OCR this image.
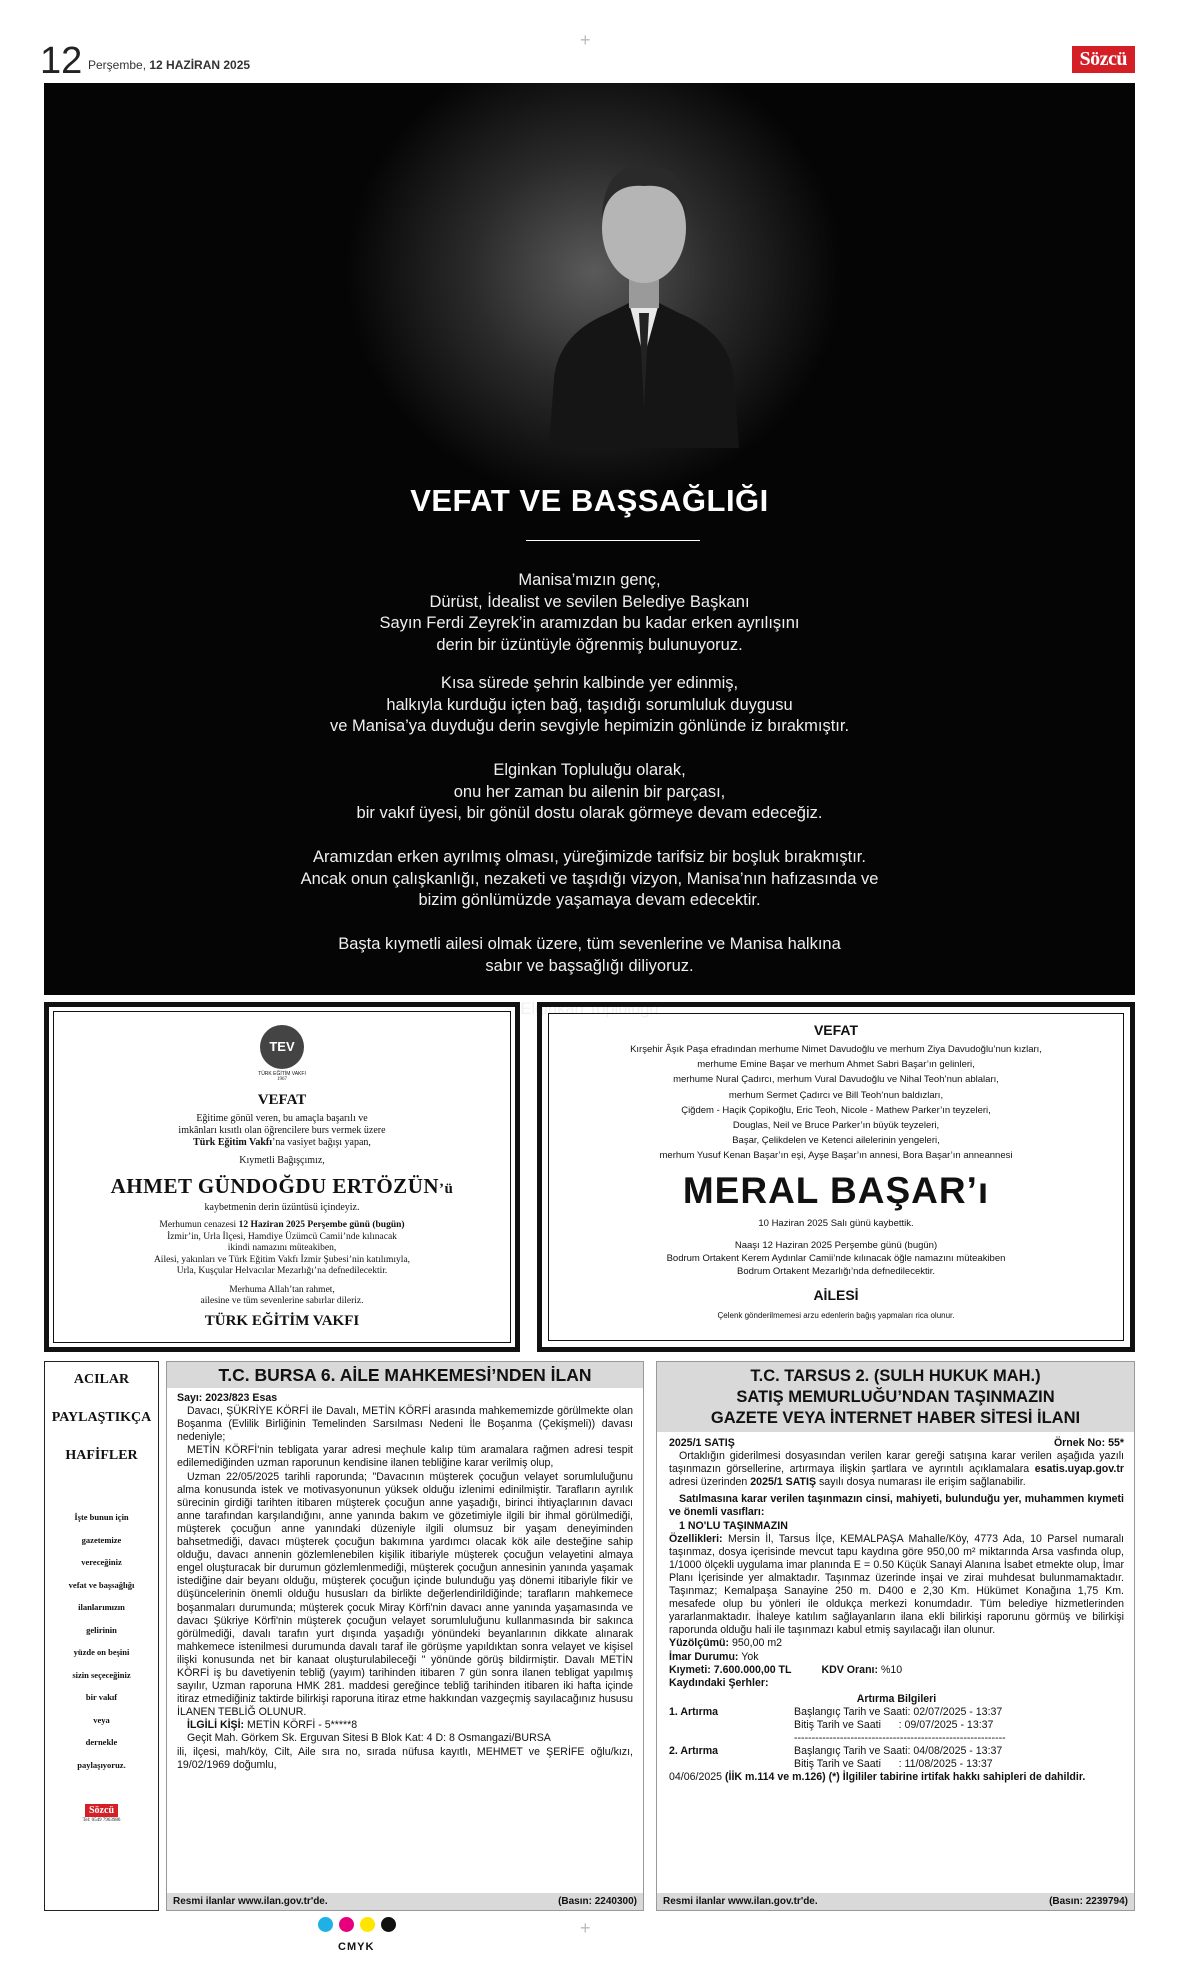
12 Perşembe, 12 HAZİRAN 2025	Sözcü
+
+
VEFAT VE BAŞSAĞLIĞI
Manisa’mızın genç,
Dürüst, İdealist ve sevilen Belediye Başkanı
Sayın Ferdi Zeyrek’in aramızdan bu kadar erken ayrılışını
derin bir üzüntüyle öğrenmiş bulunuyoruz.
Kısa sürede şehrin kalbinde yer edinmiş,
halkıyla kurduğu içten bağ, taşıdığı sorumluluk duygusu
ve Manisa’ya duyduğu derin sevgiyle hepimizin gönlünde iz bırakmıştır.
Elginkan Topluluğu olarak,
onu her zaman bu ailenin bir parçası,
bir vakıf üyesi, bir gönül dostu olarak görmeye devam edeceğiz.
Aramızdan erken ayrılmış olması, yüreğimizde tarifsiz bir boşluk bırakmıştır.
Ancak onun çalışkanlığı, nezaketi ve taşıdığı vizyon, Manisa’nın hafızasında ve
bizim gönlümüzde yaşamaya devam edecektir.
Başta kıymetli ailesi olmak üzere, tüm sevenlerine ve Manisa halkına
sabır ve başsağlığı diliyoruz.
Elginkan Topluluğu
TEV
TÜRK EĞİTİM VAKFI
1967
VEFAT
Eğitime gönül veren, bu amaçla başarılı ve
imkânları kısıtlı olan öğrencilere burs vermek üzere
Türk Eğitim Vakfı’na vasiyet bağışı yapan,
Kıymetli Bağışçımız,
AHMET GÜNDOĞDU ERTÖZÜN’ü
kaybetmenin derin üzüntüsü içindeyiz.
Merhumun cenazesi 12 Haziran 2025 Perşembe günü (bugün)
İzmir’in, Urla İlçesi, Hamdiye Üzümcü Camii’nde kılınacak
ikindi namazını müteakiben,
Ailesi, yakınları ve Türk Eğitim Vakfı İzmir Şubesi’nin katılımıyla,
Urla, Kuşçular Helvacılar Mezarlığı’na defnedilecektir.
Merhuma Allah’tan rahmet,
ailesine ve tüm sevenlerine sabırlar dileriz.
TÜRK EĞİTİM VAKFI
VEFAT
Kırşehir Âşık Paşa efradından merhume Nimet Davudoğlu ve merhum Ziya Davudoğlu’nun kızları,
merhume Emine Başar ve merhum Ahmet Sabri Başar’ın gelinleri,
merhume Nural Çadırcı, merhum Vural Davudoğlu ve Nihal Teoh’nun ablaları,
merhum Sermet Çadırcı ve Bill Teoh’nun baldızları,
Çiğdem - Haçik Çopikoğlu, Eric Teoh, Nicole - Mathew Parker’ın teyzeleri,
Douglas, Neil ve Bruce Parker’ın büyük teyzeleri,
Başar, Çelikdelen ve Ketenci ailelerinin yengeleri,
merhum Yusuf Kenan Başar’ın eşi, Ayşe Başar’ın annesi, Bora Başar’ın anneannesi
MERAL BAŞAR’ı
10 Haziran 2025 Salı günü kaybettik.
Naaşı 12 Haziran 2025 Perşembe günü (bugün)
Bodrum Ortakent Kerem Aydınlar Camii’nde kılınacak öğle namazını müteakiben
Bodrum Ortakent Mezarlığı’nda defnedilecektir.
AİLESİ
Çelenk gönderilmemesi arzu edenlerin bağış yapmaları rica olunur.
ACILAR
PAYLAŞTIKÇA
HAFİFLER
İşte bunun için
gazetemize
vereceğiniz
vefat ve başsağlığı
ilanlarımızın
gelirinin
yüzde on beşini
sizin seçeceğiniz
bir vakıf
veya
dernekle
paylaşıyoruz.
Sözcü
Tel: 0549 7963986
T.C. BURSA 6. AİLE MAHKEMESİ’NDEN İLAN
Sayı: 2023/823 Esas
Davacı, ŞÜKRİYE KÖRFİ ile Davalı, METİN KÖRFİ arasında mahkememizde görülmekte olan Boşanma (Evlilik Birliğinin Temelinden Sarsılması Nedeni İle Boşanma (Çekişmeli)) davası nedeniyle;
METİN KÖRFİ'nin tebligata yarar adresi meçhule kalıp tüm aramalara rağmen adresi tespit edilemediğinden uzman raporunun kendisine ilanen tebliğine karar verilmiş olup,
Uzman 22/05/2025 tarihli raporunda; "Davacının müşterek çocuğun velayet sorumluluğunu alma konusunda istek ve motivasyonunun yüksek olduğu izlenimi edinilmiştir. Tarafların ayrılık sürecinin girdiği tarihten itibaren müşterek çocuğun anne yaşadığı, birinci ihtiyaçlarının davacı anne tarafından karşılandığını, anne yanında bakım ve gözetimiyle ilgili bir ihmal görülmediği, müşterek çocuğun anne yanındaki düzeniyle ilgili olumsuz bir yaşam deneyiminden bahsetmediği, davacı müşterek çocuğun bakımına yardımcı olacak kök aile desteğine sahip olduğu, davacı annenin gözlemlenebilen kişilik itibariyle müşterek çocuğun velayetini almaya engel oluşturacak bir durumun gözlemlenmediği, müşterek çocuğun annesinin yanında yaşamak istediğine dair beyanı olduğu, müşterek çocuğun içinde bulunduğu yaş dönemi itibariyle fikir ve düşüncelerinin önemli olduğu hususları da birlikte değerlendirildiğinde; tarafların mahkemece boşanmaları durumunda; müşterek çocuk Miray Körfi'nin davacı anne yanında yaşamasında ve davacı Şükriye Körfi'nin müşterek çocuğun velayet sorumluluğunu kullanmasında bir sakınca görülmediği, davalı tarafın yurt dışında yaşadığı yönündeki beyanlarının dikkate alınarak mahkemece istenilmesi durumunda davalı taraf ile görüşme yapıldıktan sonra velayet ve kişisel ilişki konusunda net bir kanaat oluşturulabileceği " yönünde görüş bildirmiştir. Davalı METİN KÖRFİ iş bu davetiyenin tebliğ (yayım) tarihinden itibaren 7 gün sonra ilanen tebligat yapılmış sayılır, Uzman raporuna HMK 281. maddesi gereğince tebliğ tarihinden itibaren iki hafta içinde itiraz etmediğiniz taktirde bilirkişi raporuna itiraz etme hakkından vazgeçmiş sayılacağınız hususu İLANEN TEBLİĞ OLUNUR.
İLGİLİ KİŞİ: METİN KÖRFİ - 5*****8
Geçit Mah. Görkem Sk. Erguvan Sitesi B Blok Kat: 4 D: 8 Osmangazi/BURSA
ili, ilçesi, mah/köy, Cilt, Aile sıra no, sırada nüfusa kayıtlı, MEHMET ve ŞERİFE oğlu/kızı, 19/02/1969 doğumlu,
Resmi ilanlar www.ilan.gov.tr'de.	(Basın: 2240300)
T.C. TARSUS 2. (SULH HUKUK MAH.)
SATIŞ MEMURLUĞU’NDAN TAŞINMAZIN
GAZETE VEYA İNTERNET HABER SİTESİ İLANI
2025/1 SATIŞ	Örnek No: 55*
Ortaklığın giderilmesi dosyasından verilen karar gereği satışına karar verilen aşağıda yazılı taşınmazın görsellerine, artırmaya ilişkin şartlara ve ayrıntılı açıklamalara esatis.uyap.gov.tr adresi üzerinden 2025/1 SATIŞ sayılı dosya numarası ile erişim sağlanabilir.
Satılmasına karar verilen taşınmazın cinsi, mahiyeti, bulunduğu yer, muhammen kıymeti ve önemli vasıfları:
1 NO'LU TAŞINMAZIN
Özellikleri: Mersin İl, Tarsus İlçe, KEMALPAŞA Mahalle/Köy, 4773 Ada, 10 Parsel numaralı taşınmaz, dosya içerisinde mevcut tapu kaydına göre 950,00 m² miktarında Arsa vasfında olup, 1/1000 ölçekli uygulama imar planında E = 0.50 Küçük Sanayi Alanına İsabet etmekte olup, İmar Planı İçerisinde yer almaktadır. Taşınmaz üzerinde inşai ve zirai muhdesat bulunmamaktadır. Taşınmaz; Kemalpaşa Sanayine 250 m. D400 e 2,30 Km. Hükümet Konağına 1,75 Km. mesafede olup bu yönleri ile oldukça merkezi konumdadır. Tüm belediye hizmetlerinden yararlanmaktadır. İhaleye katılım sağlayanların ilana ekli bilirkişi raporunu görmüş ve bilirkişi raporunda olduğu hali ile taşınmazı kabul etmiş sayılacağı ilan olunur.
Yüzölçümü: 950,00 m2
İmar Durumu: Yok
Kıymeti: 7.600.000,00 TL	KDV Oranı: %10
Kaydındaki Şerhler:
Artırma Bilgileri
1. Artırma	Başlangıç Tarih ve Saati: 02/07/2025 - 13:37
Bitiş Tarih ve Saati      : 09/07/2025 - 13:37
------------------------------------------------------------
2. Artırma	Başlangıç Tarih ve Saati: 04/08/2025 - 13:37
Bitiş Tarih ve Saati      : 11/08/2025 - 13:37
04/06/2025 (İİK m.114 ve m.126) (*) İlgililer tabirine irtifak hakkı sahipleri de dahildir.
Resmi ilanlar www.ilan.gov.tr'de.	(Basın: 2239794)
CMYK
